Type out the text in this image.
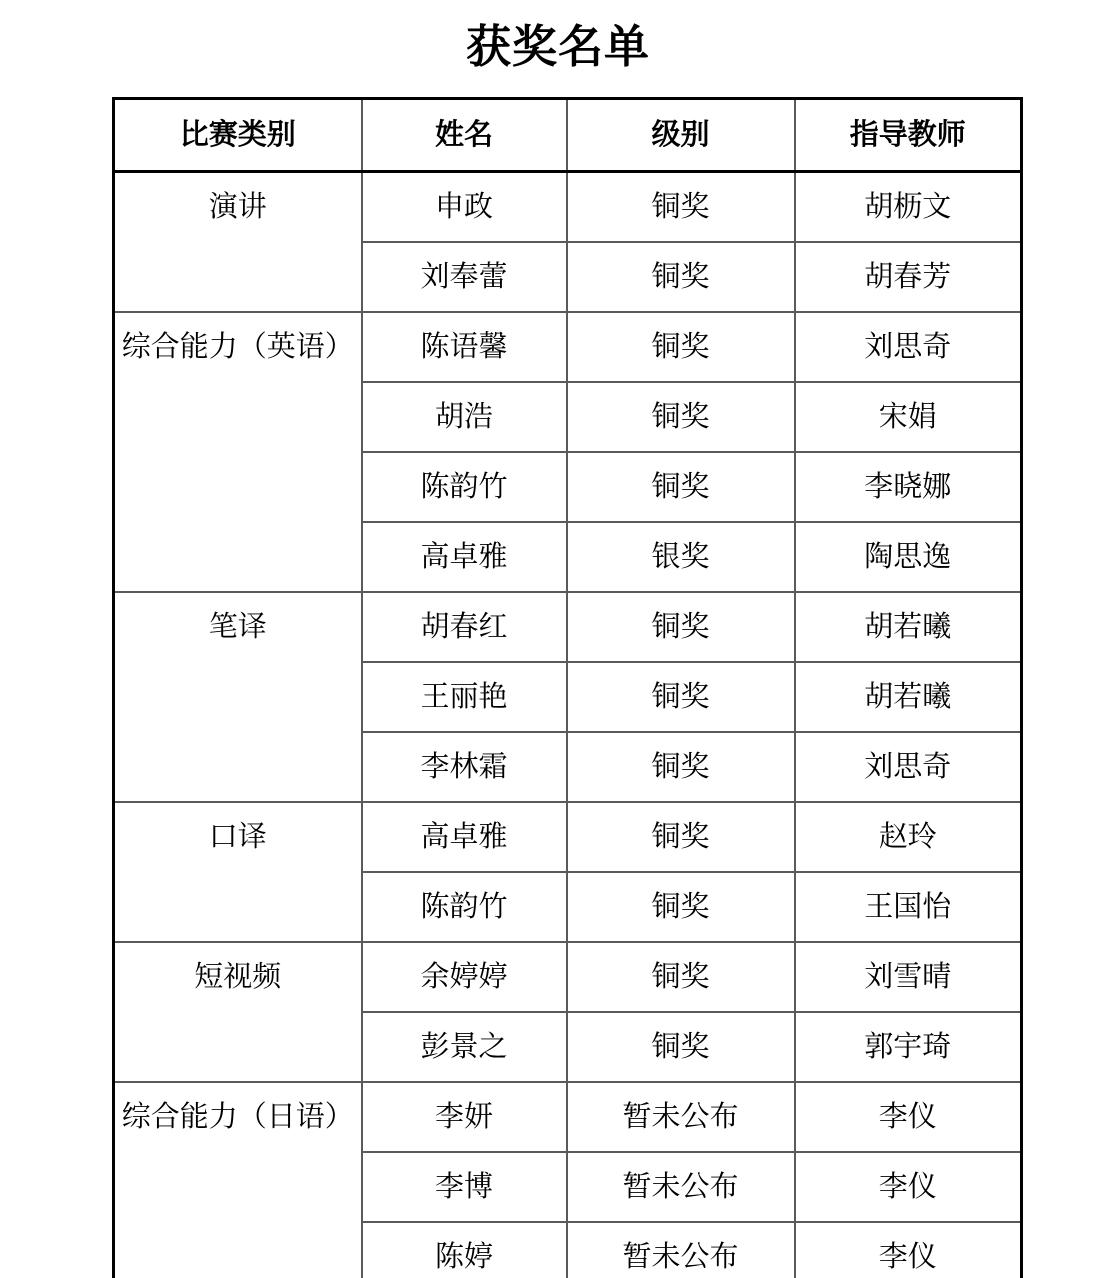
获奖名单
比赛类别	姓名	级别	指导教师
演讲	申政	铜奖	胡枥文
	刘奉蕾	铜奖	胡春芳
综合能力（英语）	陈语馨	铜奖	刘思奇
	胡浩	铜奖	宋娟
	陈韵竹	铜奖	李晓娜
	高卓雅	银奖	陶思逸
笔译	胡春红	铜奖	胡若曦
	王丽艳	铜奖	胡若曦
	李林霜	铜奖	刘思奇
口译	高卓雅	铜奖	赵玲
	陈韵竹	铜奖	王国怡
短视频	余婷婷	铜奖	刘雪晴
	彭景之	铜奖	郭宇琦
综合能力（日语）	李妍	暂未公布	李仪
	李博	暂未公布	李仪
	陈婷	暂未公布	李仪
